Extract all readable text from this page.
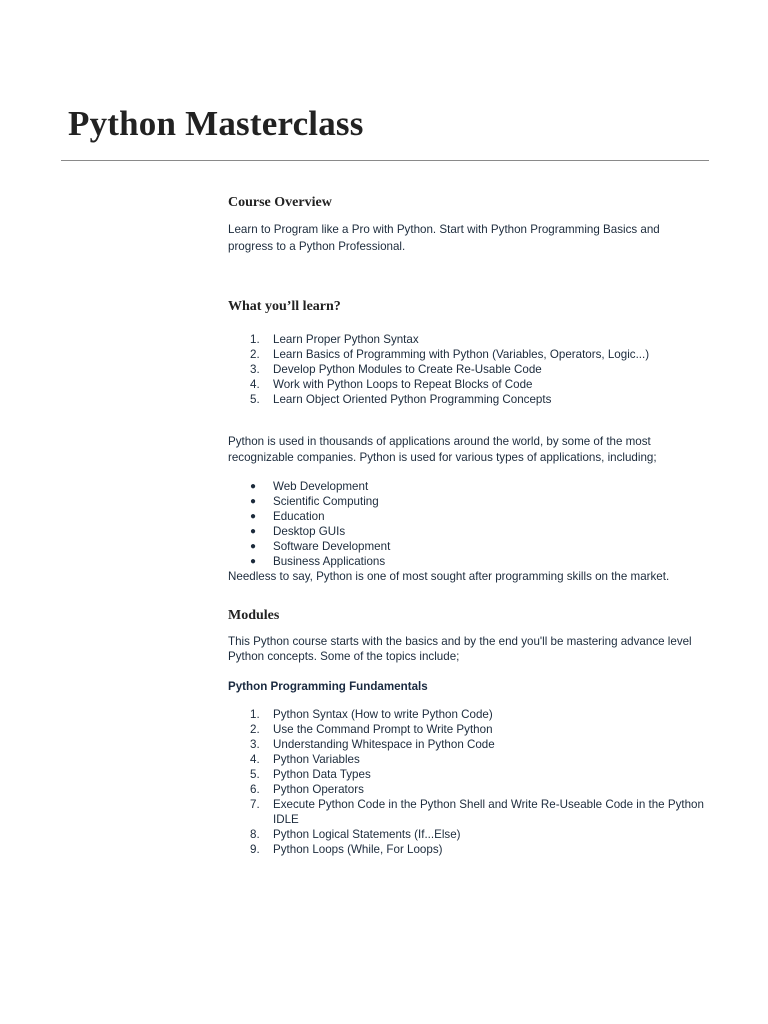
Python Masterclass
Course Overview

Learn to Program like a Pro with Python. Start with Python Programming Basics and progress to a Python Professional.

What you’ll learn?
1. Learn Proper Python Syntax
2. Learn Basics of Programming with Python (Variables, Operators, Logic...)
3. Develop Python Modules to Create Re-Usable Code
4. Work with Python Loops to Repeat Blocks of Code
5. Learn Object Oriented Python Programming Concepts

Python is used in thousands of applications around the world, by some of the most recognizable companies. Python is used for various types of applications, including;

● Web Development
● Scientific Computing
● Education
● Desktop GUIs
● Software Development
● Business Applications

Needless to say, Python is one of most sought after programming skills on the market.

Modules

This Python course starts with the basics and by the end you'll be mastering advance level Python concepts. Some of the topics include;

Python Programming Fundamentals

1. Python Syntax (How to write Python Code)
2. Use the Command Prompt to Write Python
3. Understanding Whitespace in Python Code
4. Python Variables
5. Python Data Types
6. Python Operators
7. Execute Python Code in the Python Shell and Write Re-Useable Code in the Python IDLE
8. Python Logical Statements (If...Else)
9. Python Loops (While, For Loops)
